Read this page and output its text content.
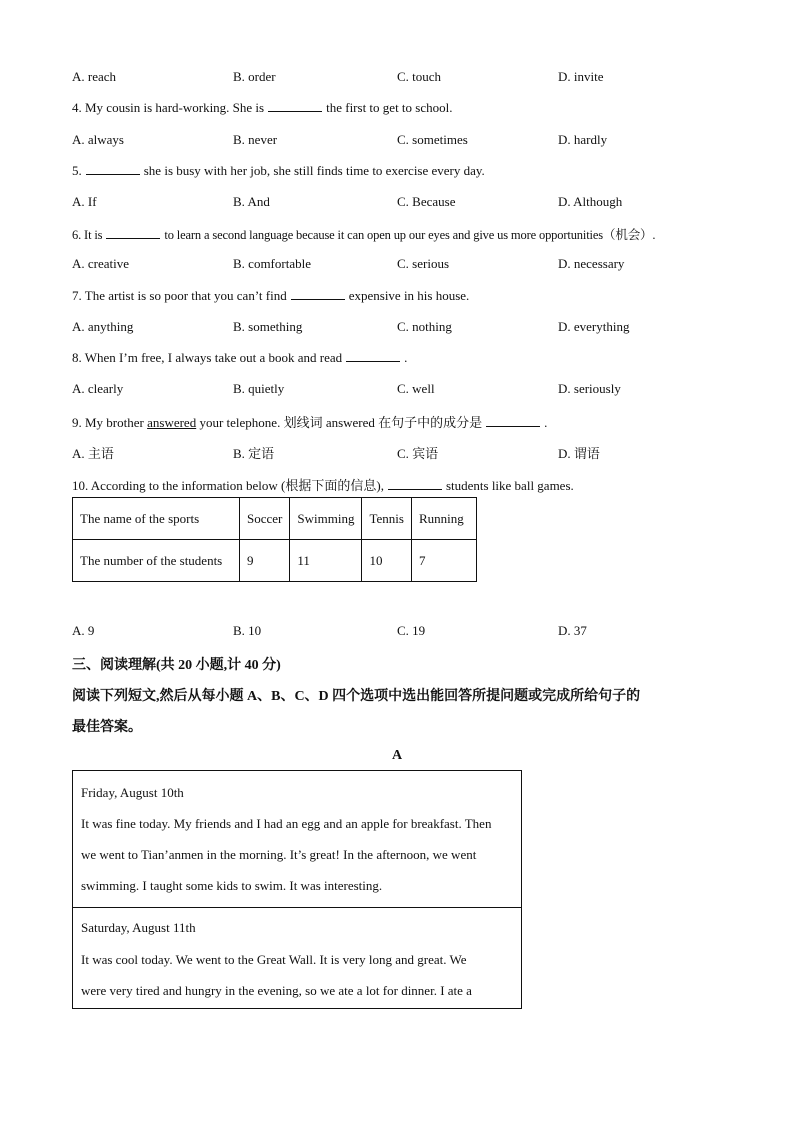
A. reach	B. order	C. touch	D. invite
4. My cousin is hard-working. She is	the first to get to school.
A. always	B. never	C. sometimes	D. hardly
5.	she is busy with her job, she still finds time to exercise every day.
A. If	B. And	C. Because	D. Although
6. It is	to learn a second language because it can open up our eyes and give us more opportunities（机会）.
A. creative	B. comfortable	C. serious	D. necessary
7. The artist is so poor that you can’t find	expensive in his house.
A. anything	B. something	C. nothing	D. everything
8. When I’m free, I always take out a book and read	.
A. clearly	B. quietly	C. well	D. seriously
9. My brother answered your telephone. 划线词 answered 在句子中的成分是	.
A. 主语	B. 定语	C. 宾语	D. 谓语
10. According to the information below (根据下面的信息),	students like ball games.
The name of the sports	Soccer	Swimming	Tennis	Running
The number of the students	9	11	10	7
A. 9	B. 10	C. 19	D. 37
三、阅读理解(共 20 小题,计 40 分)
阅读下列短文,然后从每小题 A、B、C、D 四个选项中选出能回答所提问题或完成所给句子的
最佳答案。
A
Friday, August 10th
It was fine today. My friends and I had an egg and an apple for breakfast. Then
we went to Tian’anmen in the morning. It’s great! In the afternoon, we went
swimming. I taught some kids to swim. It was interesting.
Saturday, August 11th
It was cool today. We went to the Great Wall. It is very long and great. We
were very tired and hungry in the evening, so we ate a lot for dinner. I ate a
